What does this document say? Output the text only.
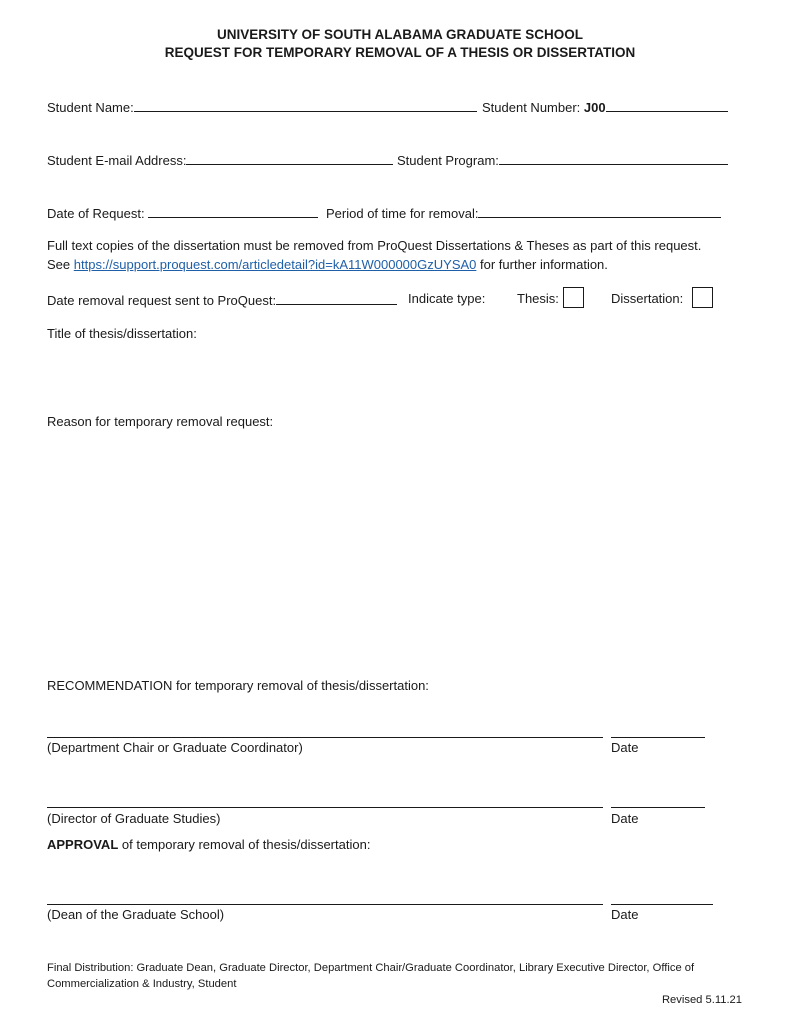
UNIVERSITY OF SOUTH ALABAMA GRADUATE SCHOOL
REQUEST FOR TEMPORARY REMOVAL OF A THESIS OR DISSERTATION
Student Name:	Student Number: J00
Student E-mail Address:	Student Program:
Date of Request:	Period of time for removal:
Full text copies of the dissertation must be removed from ProQuest Dissertations & Theses as part of this request.
See https://support.proquest.com/articledetail?id=kA11W000000GzUYSA0 for further information.
Date removal request sent to ProQuest:	Indicate type: Thesis:	Dissertation:
Title of thesis/dissertation:
Reason for temporary removal request:
RECOMMENDATION for temporary removal of thesis/dissertation:
(Department Chair or Graduate Coordinator)	Date
(Director of Graduate Studies)	Date
APPROVAL of temporary removal of thesis/dissertation:
(Dean of the Graduate School)	Date
Final Distribution: Graduate Dean, Graduate Director, Department Chair/Graduate Coordinator, Library Executive Director, Office of
Commercialization & Industry, Student
Revised 5.11.21
